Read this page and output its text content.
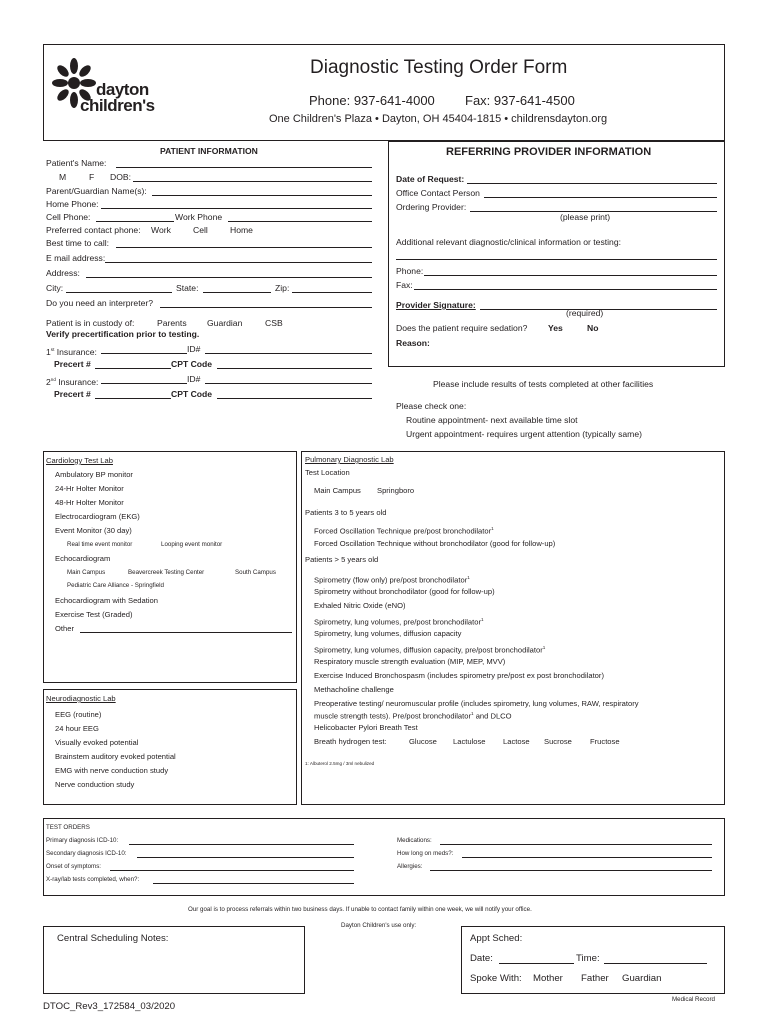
dayton
children's
Diagnostic Testing Order Form
Phone: 937-641-4000 Fax: 937-641-4500
One Children's Plaza • Dayton, OH 45404-1815 • childrensdayton.org
PATIENT INFORMATION
Patient's Name:
M	F DOB:
Parent/Guardian Name(s):
Home Phone:
Cell Phone:	Work Phone
Preferred contact phone: Work	Cell	Home
Best time to call:
E mail address:
Address:
City:	State:	Zip:
Do you need an interpreter?
Patient is in custody of:	Parents Guardian	CSB
Verify precertification prior to testing.
1st Insurance:	ID#
Precert #	CPT Code
2nd Insurance:	ID#
Precert #	CPT Code
REFERRING PROVIDER INFORMATION
Date of Request:
Office Contact Person
Ordering Provider:
(please print)
Additional relevant diagnostic/clinical information or testing:
Phone:
Fax:
Provider Signature:
(required)
Does the patient require sedation? Yes	No
Reason:
Please include results of tests completed at other facilities
Please check one:
Routine appointment- next available time slot
Urgent appointment- requires urgent attention (typically same)
Cardiology Test Lab
Ambulatory BP monitor
24-Hr Holter Monitor
48-Hr Holter Monitor
Electrocardiogram (EKG)
Event Monitor (30 day)
Real time event monitor	Looping event monitor
Echocardiogram
Main Campus	Beavercreek Testing Center	South Campus
Pediatric Care Alliance - Springfield
Echocardiogram with Sedation
Exercise Test (Graded)
Other
Neurodiagnostic Lab
EEG (routine)
24 hour EEG
Visually evoked potential
Brainstem auditory evoked potential
EMG with nerve conduction study
Nerve conduction study
Pulmonary Diagnostic Lab
Test Location
Main Campus Springboro
Patients 3 to 5 years old
Forced Oscillation Technique pre/post bronchodilator$^1$
Forced Oscillation Technique without bronchodilator (good for follow-up)
Patients > 5 years old
Spirometry (flow only) pre/post bronchodilator$^1$
Spirometry without bronchodilator (good for follow-up)
Exhaled Nitric Oxide (eNO)
Spirometry, lung volumes, pre/post bronchodilator$^1$
Spirometry, lung volumes, diffusion capacity
Spirometry, lung volumes, diffusion capacity, pre/post bronchodilator$^1$
Respiratory muscle strength evaluation (MIP, MEP, MVV)
Exercise Induced Bronchospasm (includes spirometry pre/post ex post bronchodilator)
Methacholine challenge
Preoperative testing/ neuromuscular profile (includes spirometry, lung volumes, RAW, respiratory
muscle strength tests). Pre/post bronchodilator$^1$ and DLCO
Helicobacter Pylori Breath Test
Breath hydrogen test:	Glucose Lactulose Lactose Sucrose Fructose
1: Albuterol 2.5mg / 3ml nebulized
TEST ORDERS
Primary diagnosis ICD-10:
Secondary diagnosis ICD-10:
Onset of symptoms:
X-ray/lab tests completed, when?:
Medications:
How long on meds?:
Allergies:
Our goal is to process referrals within two business days. If unable to contact family within one week, we will notify your office.
Dayton Children's use only:
Central Scheduling Notes:	Appt Sched:
Date:	Time:
Spoke With: Mother Father Guardian
Medical Record
DTOC_Rev3_172584_03/2020
